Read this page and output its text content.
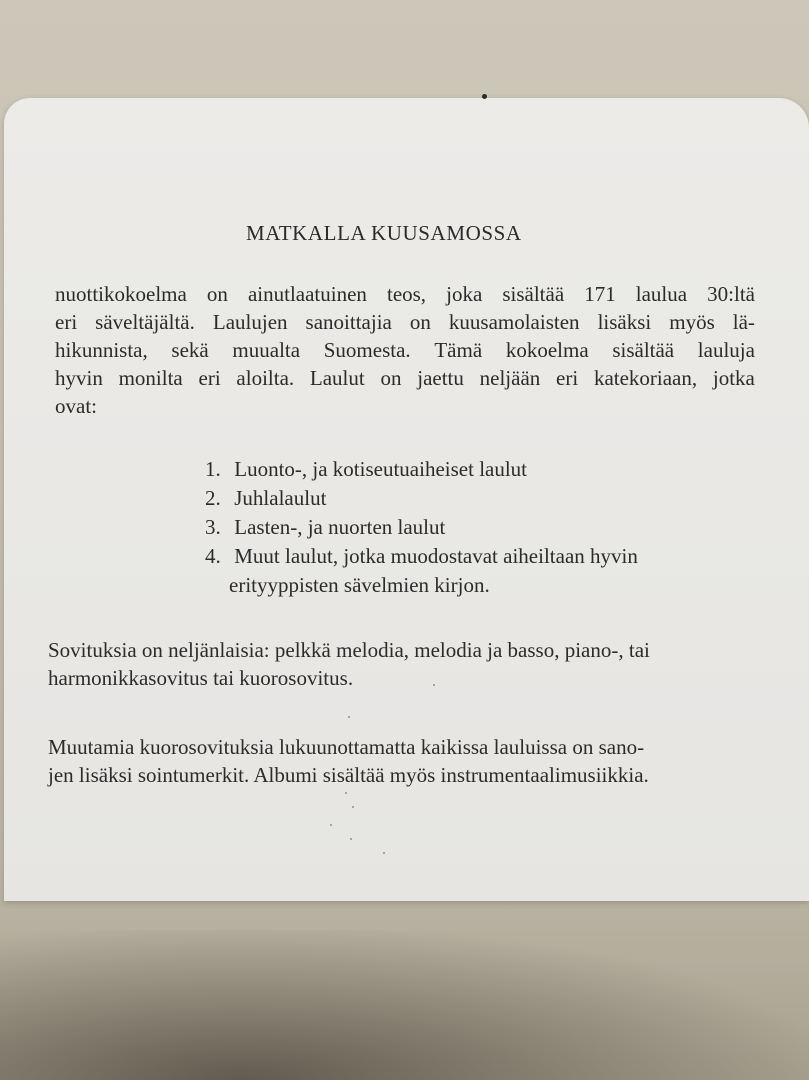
MATKALLA KUUSAMOSSA
nuottikokoelma on ainutlaatuinen teos, joka sisältää 171 laulua 30:ltä
eri säveltäjältä. Laulujen sanoittajia on kuusamolaisten lisäksi myös lä-
hikunnista, sekä muualta Suomesta. Tämä kokoelma sisältää lauluja
hyvin monilta eri aloilta. Laulut on jaettu neljään eri katekoriaan, jotka
ovat:
1. Luonto-, ja kotiseutuaiheiset laulut
2. Juhlalaulut
3. Lasten-, ja nuorten laulut
4. Muut laulut, jotka muodostavat aiheiltaan hyvin
erityyppisten sävelmien kirjon.
Sovituksia on neljänlaisia: pelkkä melodia, melodia ja basso, piano-, tai
harmonikkasovitus tai kuorosovitus.
Muutamia kuorosovituksia lukuunottamatta kaikissa lauluissa on sano-
jen lisäksi sointumerkit. Albumi sisältää myös instrumentaalimusiikkia.
